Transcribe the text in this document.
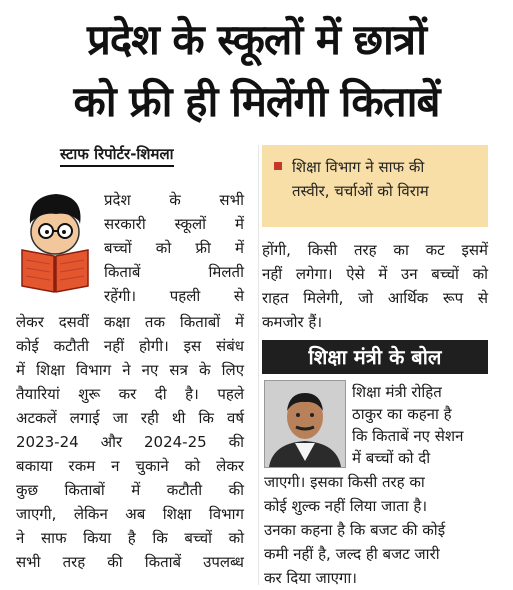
प्रदेश के स्कूलों में छात्रों
को फ्री ही मिलेंगी किताबें
स्टाफ रिपोर्टर-शिमला
शिक्षा विभाग ने साफ की
तस्वीर, चर्चाओं को विराम
प्रदेश के सभी
सरकारी स्कूलों में
बच्चों को फ्री में
किताबें मिलती
रहेंगी। पहली से
लेकर दसवीं कक्षा तक किताबों में
कोई कटौती नहीं होगी। इस संबंध
में शिक्षा विभाग ने नए सत्र के लिए
तैयारियां शुरू कर दी है। पहले
अटकलें लगाई जा रही थी कि वर्ष
2023-24 और 2024-25 की
बकाया रकम न चुकाने को लेकर
कुछ किताबों में कटौती की
जाएगी, लेकिन अब शिक्षा विभाग
ने साफ किया है कि बच्चों को
सभी तरह की किताबें उपलब्ध
होंगी, किसी तरह का कट इसमें
नहीं लगेगा। ऐसे में उन बच्चों को
राहत मिलेगी, जो आर्थिक रूप से
कमजोर हैं।
शिक्षा मंत्री के बोल
शिक्षा मंत्री रोहित
ठाकुर का कहना है
कि किताबें नए सेशन
में बच्चों को दी
जाएगी। इसका किसी तरह का
कोई शुल्क नहीं लिया जाता है।
उनका कहना है कि बजट की कोई
कमी नहीं है, जल्द ही बजट जारी
कर दिया जाएगा।
